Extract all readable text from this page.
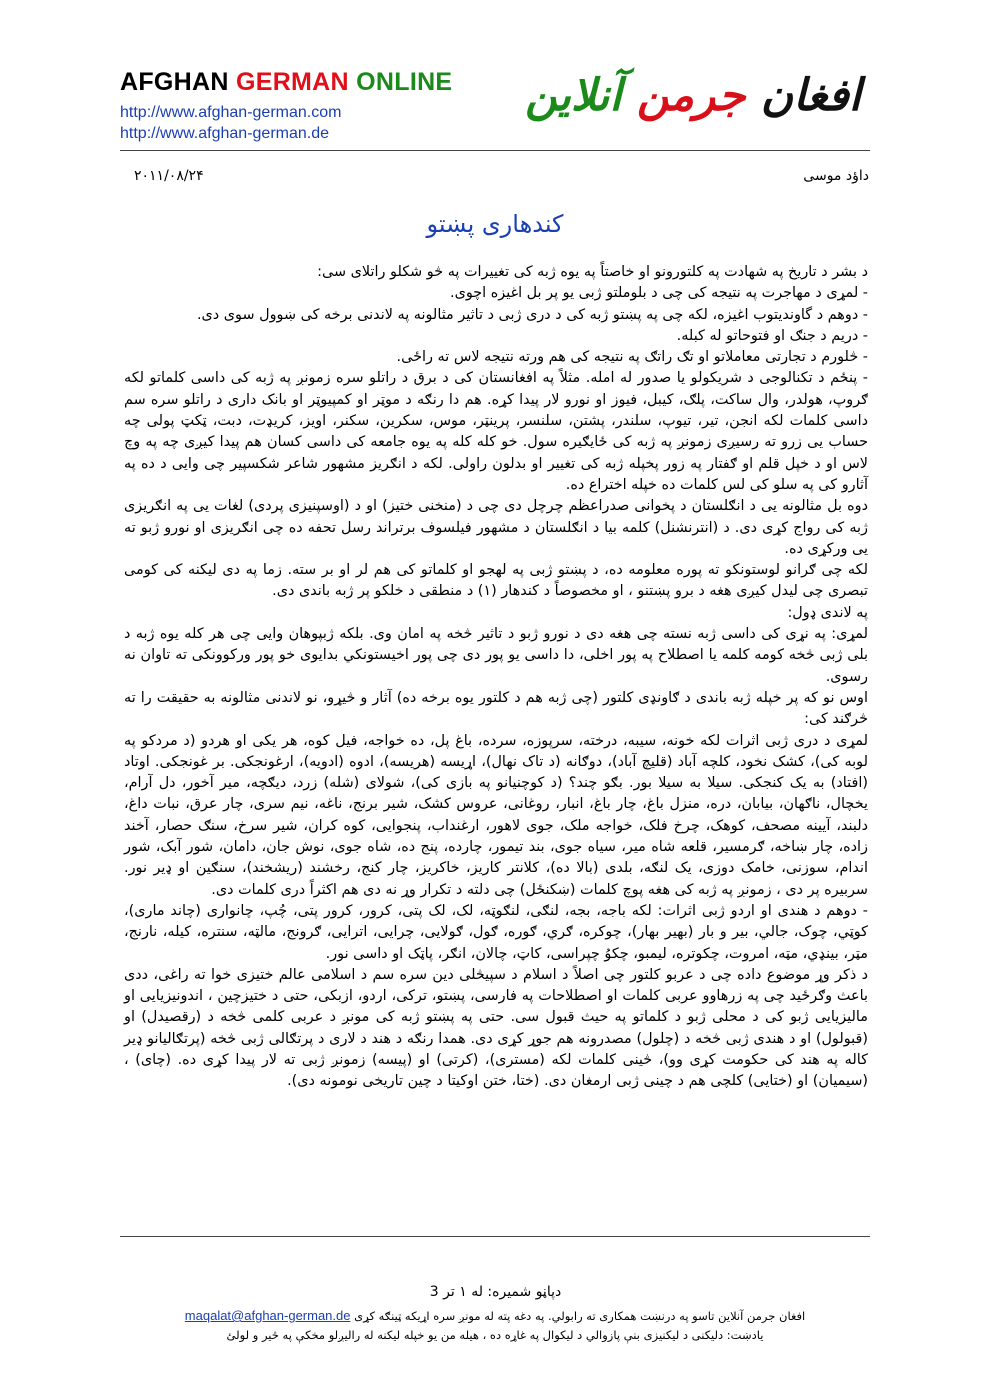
AFGHAN GERMAN ONLINE
http://www.afghan-german.com
http://www.afghan-german.de
افغان جرمن آنلاین
داؤد موسی
۲۰۱۱/۰۸/۲۴
کندهاری پښتو

د بشر د تاریخ په شهادت په کلتورونو او خاصتاً په یوه ژبه کی تغییرات په څو شکلو راتلای سی:

- لمړی د مهاجرت په نتیجه کی چی د بلوملتو ژبی یو پر بل اغیزه اچوی.

- دوهم د گاوندیتوب اغیزه، لکه چی په پښتو ژبه کی د دری ژبی د تاثیر مثالونه په لاندنی برخه کی ښوول سوی دی.

- دریم د جنګ او فتوحاتو له کبله.

- څلورم د تجارتی معاملاتو او تګ راتګ په نتیجه کی هم ورته نتیجه لاس ته راځی.

- پنځم د تکنالوجی د شریکولو یا صدور له امله. مثلاً په افغانستان کی د برق د راتلو سره زمونږ په ژبه کی داسی کلماتو لکه ګروپ، هولدر، وال ساکت، پلګ، کیبل، فیوز او نورو لار پیدا کړه. هم دا رنګه د موټر او کمپیوټر او بانک داری د راتلو سره سم داسی کلمات لکه انجن، تیر، تیوپ، سلندر، پشتن، سلنسر، پرینټر، موس، سکرین، سکنر، اویز، کریډت، دبت، ټکټ پولی چه حساب یی زرو ته رسیږی زمونږ په ژبه کی ځایګیره سول. خو کله کله په یوه جامعه کی داسی کسان هم پیدا کیږی چه په وچ لاس او د خپل قلم او ګفتار په زور پخپله ژبه کی تغییر او بدلون راولی. لکه د انګریز مشهور شاعر شکسپیر چی وایی د ده په آثارو کی په سلو کی لس کلمات ده خپله اختراع ده.

دوه بل مثالونه یی د انګلستان د پخوانی صدراعظم چرچل دی چی د (منخنی ختیز) او د (اوسپنیزی پردی) لغات یی په انګریزی ژبه کی رواج کړی دی. د (انترنشنل) کلمه بیا د انګلستان د مشهور فیلسوف برتراند رسل تحفه ده چی انګریزی او نورو ژبو ته یی ورکړی ده.

لکه چی ګرانو لوستونکو ته پوره معلومه ده، د پښتو ژبی په لهجو او کلماتو کی هم لر او بر سته. زما په دی لیکنه کی کومی تبصری چی لیدل کیږی هغه د برو پښتنو ، او مخصوصاً د کندهار (۱) د منطقی د خلکو پر ژبه باندی دی.

په لاندی ډول:

لمړی: په نړی کی داسی ژبه نسته چی هغه دی د نورو ژبو د تاثیر څخه په امان وی. بلکه ژبپوهان وایی چی هر کله یوه ژبه د بلی ژبی څخه کومه کلمه یا اصطلاح په پور اخلی، دا داسی یو پور دی چی پور اخیستونکي بدایوی خو پور ورکوونکی ته تاوان نه رسوی.

اوس نو که پر خپله ژبه باندی د ګاونډی کلتور (چی ژبه هم د کلتور یوه برخه ده) آثار و څیړو، نو لاندنی مثالونه به حقیقت را ته څرګند کی:

لمړی د دری ژبی اثرات لکه خونه، سیبه، درخته، سرپوزه، سرده، باغ پل، ده خواجه، فیل کوه، هر یکی او هردو (د مردکو په لوبه کی)، کشک نخود، کلچه آباد (قلیچ آباد)، دوګانه (د تاک نهال)، اړیسه (هریسه)، ادوه (ادویه)، ارغونجکی. بر غونجکی. اوتاد (افتاد) به یک کنجکی. سیلا به سیلا بور. بګو چند؟ (د کوچنیانو په بازی کی)، شولای (شله) زرد، دیګچه، میر آخور، دل آرام، یخچال، ناګهان، بیابان، دره، منزل باغ، چار باغ، انبار، روغانی، عروس کشک، شیر برنج، ناغه، نیم سری، چار عرق، نبات داغ، دلبند، آیینه مصحف، کوهک، چرخ فلک، خواجه ملک، جوی لاهور، ارغنداب، پنجوایی، کوه کران، شیر سرخ، سنګ حصار، آخند زاده، چار ښاخه، ګرمسیر، قلعه شاه میر، سیاه جوی، بند تیمور، چارده، پنج ده، شاه جوی، نوش جان، دامان، شور آبک، شور اندام، سوزنی، خامک دوزی، یک لنګه، بلدی (بالا ده)، کلانتر کاریز، خاکریز، چار کنج، رخشند (ریشخند)، سنګین او ډیر نور. سربیره پر دی ، زمونږ په ژبه کی هغه پوچ کلمات (ښکنځل) چی دلته د تکرار وړ نه دی هم اکثراً دری کلمات دی.

- دوهم د هندی او اردو ژبی اثرات: لکه باجه، بجه، لنګی، لنګوټه، لک، لک پتی، کرور، کرور پتی، چُپ، چانواری (چاند ماری)، کوټي، چوک، جالي، بیر و بار (بهیر بهار)، چوکره، ګري، ګوره، ګول، ګولایی، چرایی، اترایی، ګرونج، مالټه، سنتره، کیله، نارنج، مټر، بینډي، مټه، امروت، چکوتره، لیمبو، چکوُ چپراسی، کاټ، چالان، انګر، پاټک او داسی نور.

د ذکر وړ موضوع داده چی د عربو کلتور چی اصلاً د اسلام د سپیڅلی دین سره سم د اسلامی عالم ختیزی خوا ته راغی، ددی باعث وګرځید چی په زرهاوو عربی کلمات او اصطلاحات په فارسی، پښتو، ترکی، اردو، ازبکی، حتی د ختیزچین ، اندونیزیایی او مالیزیایی ژبو کی د محلی ژبو د کلماتو په حیث قبول سی. حتی په پښتو ژبه کی مونږ د عربی کلمی څخه د (رقصیدل) او (قبولول) او د هندی ژبی څخه د (چلول) مصدرونه هم جوړ کړی دی. همدا رنګه د هند د لاری د پرتګالی ژبی څخه (پرتګالیانو ډیر کاله په هند کی حکومت کړی وو)، څینی کلمات لکه (مستری)، (کرتی) او (پیسه) زمونږ ژبی ته لار پیدا کړی ده. (چای) ، (سیمیان) او (ختایی) کلچی هم د چینی ژبی ارمغان دی. (ختا، ختن اوکیتا د چین تاریخی نومونه دی).

دپاڼو شمیره: له ۱ تر 3
افغان جرمن آنلاین تاسو په درنښت همکاری ته رابولي. په دغه پته له مونږ سره اړیکه ټینګه کړی maqalat@afghan-german.de
یادښت: دلیکنی د لیکنیزی بنې پازوالي د لیکوال په غاړه ده ، هیله من یو خپله لیکنه له رالیږلو مخکې په څیر و لولئ
